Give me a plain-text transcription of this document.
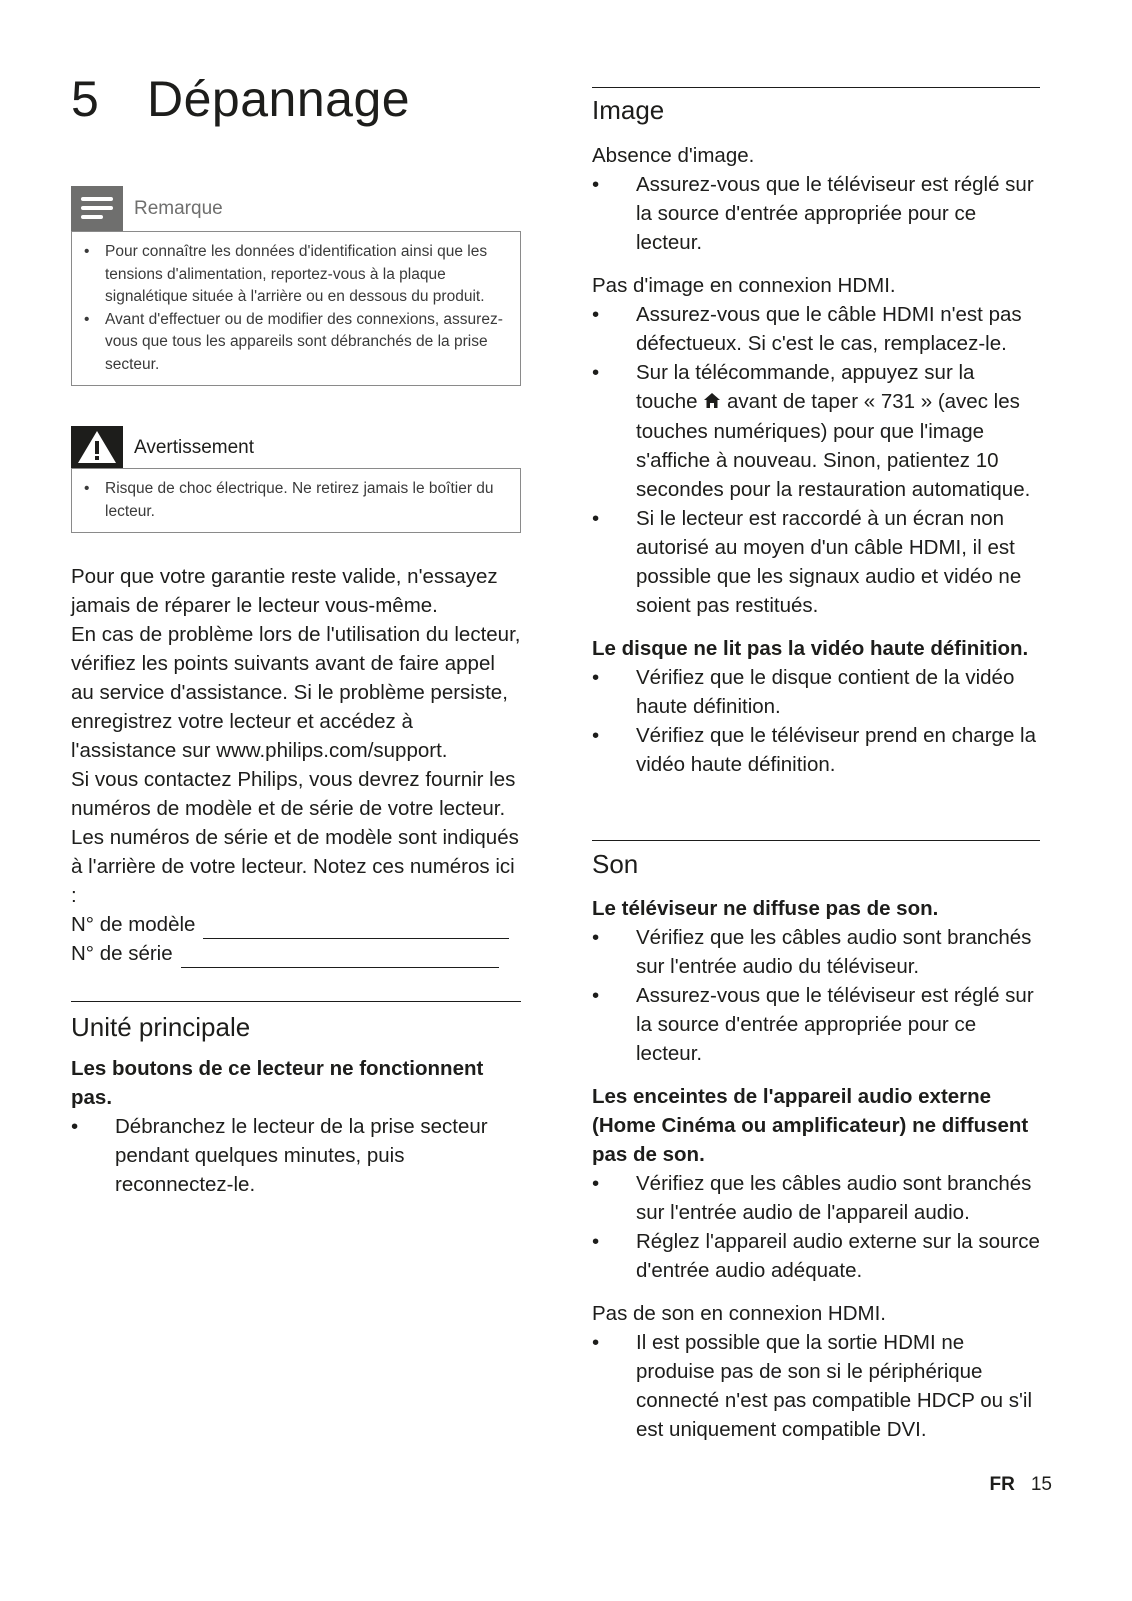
5 Dépannage
Remarque
• Pour connaître les données d'identification ainsi que les tensions d'alimentation, reportez-vous à la plaque signalétique située à l'arrière ou en dessous du produit.
• Avant d'effectuer ou de modifier des connexions, assurez-vous que tous les appareils sont débranchés de la prise secteur.
Avertissement
• Risque de choc électrique. Ne retirez jamais le boîtier du lecteur.

Pour que votre garantie reste valide, n'essayez jamais de réparer le lecteur vous-même.

En cas de problème lors de l'utilisation du lecteur, vérifiez les points suivants avant de faire appel au service d'assistance. Si le problème persiste, enregistrez votre lecteur et accédez à l'assistance sur www.philips.com/support.

Si vous contactez Philips, vous devrez fournir les numéros de modèle et de série de votre lecteur. Les numéros de série et de modèle sont indiqués à l'arrière de votre lecteur. Notez ces numéros ici :

N° de modèle
N° de série
Unité principale

Les boutons de ce lecteur ne fonctionnent pas.

• Débranchez le lecteur de la prise secteur pendant quelques minutes, puis reconnectez-le.
Image

Absence d'image.

• Assurez-vous que le téléviseur est réglé sur la source d'entrée appropriée pour ce lecteur.

Pas d'image en connexion HDMI.

• Assurez-vous que le câble HDMI n'est pas défectueux. Si c'est le cas, remplacez-le.
• Sur la télécommande, appuyez sur la touche avant de taper « 731 » (avec les touches numériques) pour que l'image s'affiche à nouveau. Sinon, patientez 10 secondes pour la restauration automatique.
• Si le lecteur est raccordé à un écran non autorisé au moyen d'un câble HDMI, il est possible que les signaux audio et vidéo ne soient pas restitués.

Le disque ne lit pas la vidéo haute définition.

• Vérifiez que le disque contient de la vidéo haute définition.
• Vérifiez que le téléviseur prend en charge la vidéo haute définition.
Son

Le téléviseur ne diffuse pas de son.

• Vérifiez que les câbles audio sont branchés sur l'entrée audio du téléviseur.
• Assurez-vous que le téléviseur est réglé sur la source d'entrée appropriée pour ce lecteur.

Les enceintes de l'appareil audio externe (Home Cinéma ou amplificateur) ne diffusent pas de son.

• Vérifiez que les câbles audio sont branchés sur l'entrée audio de l'appareil audio.
• Réglez l'appareil audio externe sur la source d'entrée audio adéquate.

Pas de son en connexion HDMI.

• Il est possible que la sortie HDMI ne produise pas de son si le périphérique connecté n'est pas compatible HDCP ou s'il est uniquement compatible DVI.
FR 15
